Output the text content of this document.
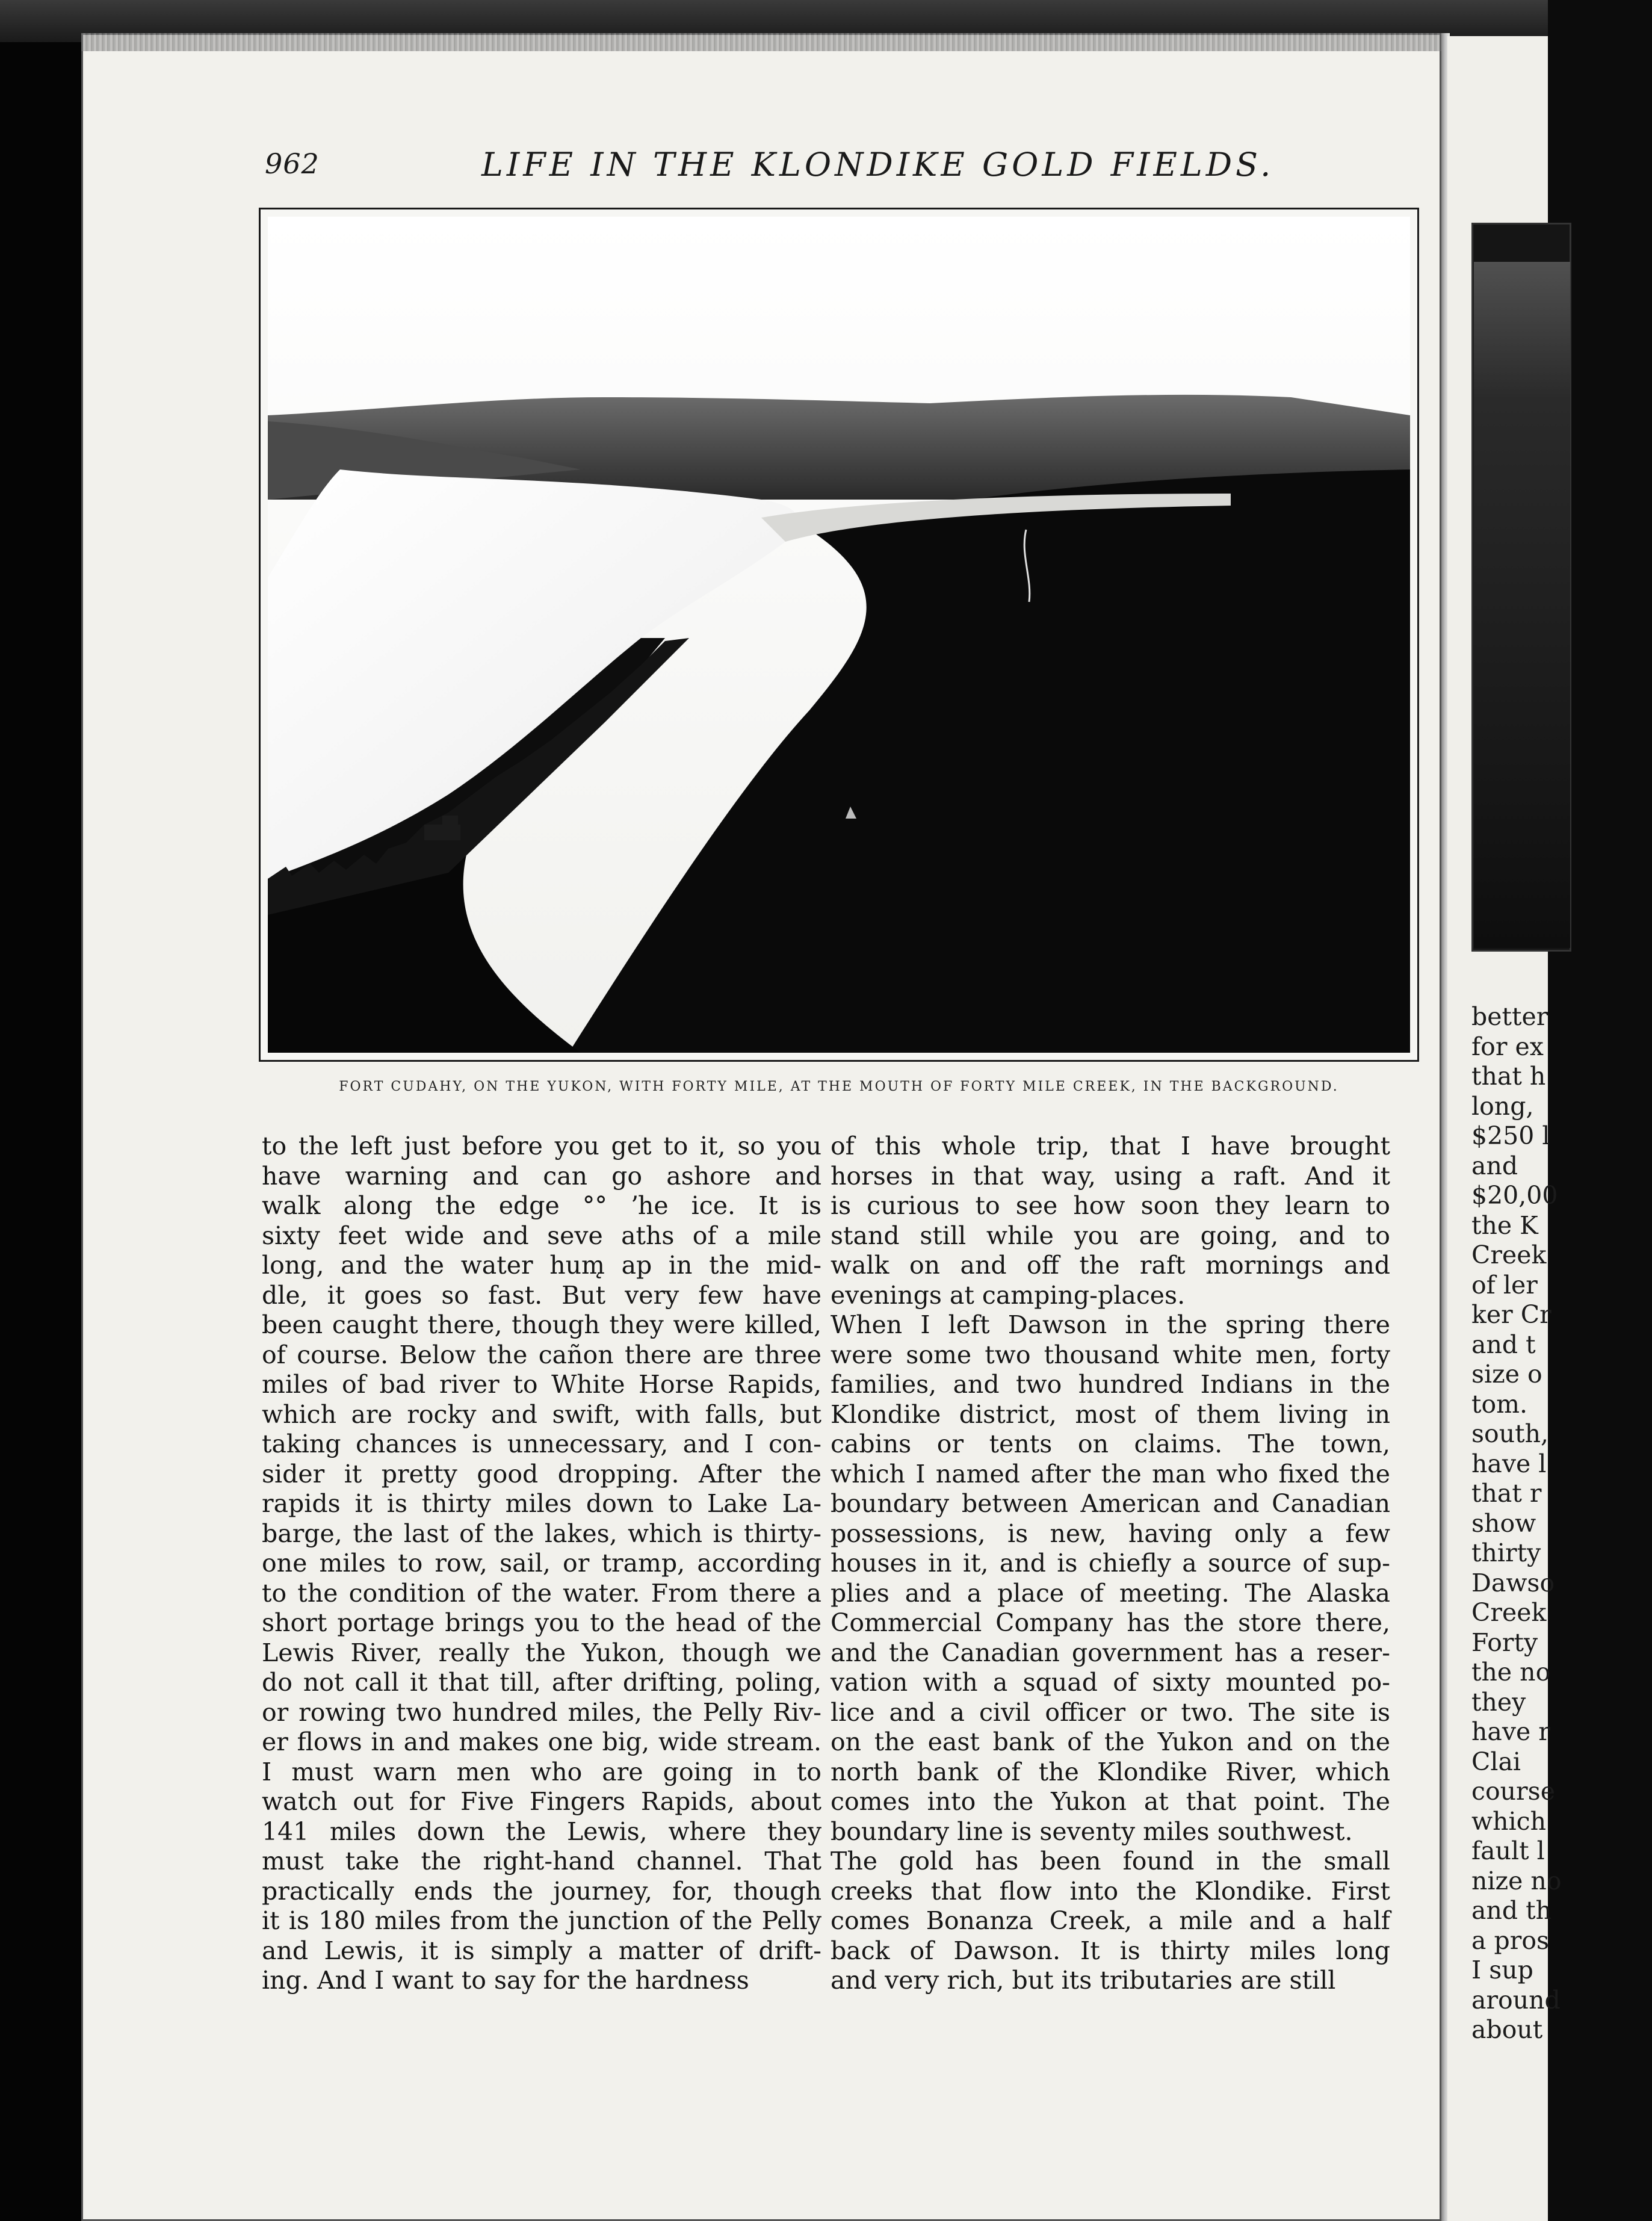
better
for ex
that h
long,
$250 l
and
$20,00
the K
Creek
of ler
ker Cr
and t
size o
tom.
south,
have l
that r
show
thirty
Dawso
Creek
Forty
the no
they
have r
Clai
course
which
fault l
nize no
and th
a pros
I sup
around
about
962	LIFE IN THE KLONDIKE GOLD FIELDS.
FORT CUDAHY, ON THE YUKON, WITH FORTY MILE, AT THE MOUTH OF FORTY MILE CREEK, IN THE BACKGROUND.
to the left just before you get to it, so you
have warning and can go ashore and
walk along the edge °° ʼhe ice. It is
sixty feet wide and seve aths of a mile
long, and the water hum̨ ap in the mid-
dle, it goes so fast. But very few have
been caught there, though they were killed,
of course. Below the cañon there are three
miles of bad river to White Horse Rapids,
which are rocky and swift, with falls, but
taking chances is unnecessary, and I con-
sider it pretty good dropping. After the
rapids it is thirty miles down to Lake La-
barge, the last of the lakes, which is thirty-
one miles to row, sail, or tramp, according
to the condition of the water. From there a
short portage brings you to the head of the
Lewis River, really the Yukon, though we
do not call it that till, after drifting, poling,
or rowing two hundred miles, the Pelly Riv-
er flows in and makes one big, wide stream.
I must warn men who are going in to
watch out for Five Fingers Rapids, about
141 miles down the Lewis, where they
must take the right-hand channel. That
practically ends the journey, for, though
it is 180 miles from the junction of the Pelly
and Lewis, it is simply a matter of drift-
ing. And I want to say for the hardness
of this whole trip, that I have brought
horses in that way, using a raft. And it
is curious to see how soon they learn to
stand still while you are going, and to
walk on and off the raft mornings and
evenings at camping-places.
When I left Dawson in the spring there
were some two thousand white men, forty
families, and two hundred Indians in the
Klondike district, most of them living in
cabins or tents on claims. The town,
which I named after the man who fixed the
boundary between American and Canadian
possessions, is new, having only a few
houses in it, and is chiefly a source of sup-
plies and a place of meeting. The Alaska
Commercial Company has the store there,
and the Canadian government has a reser-
vation with a squad of sixty mounted po-
lice and a civil officer or two. The site is
on the east bank of the Yukon and on the
north bank of the Klondike River, which
comes into the Yukon at that point. The
boundary line is seventy miles southwest.
The gold has been found in the small
creeks that flow into the Klondike. First
comes Bonanza Creek, a mile and a half
back of Dawson. It is thirty miles long
and very rich, but its tributaries are still
